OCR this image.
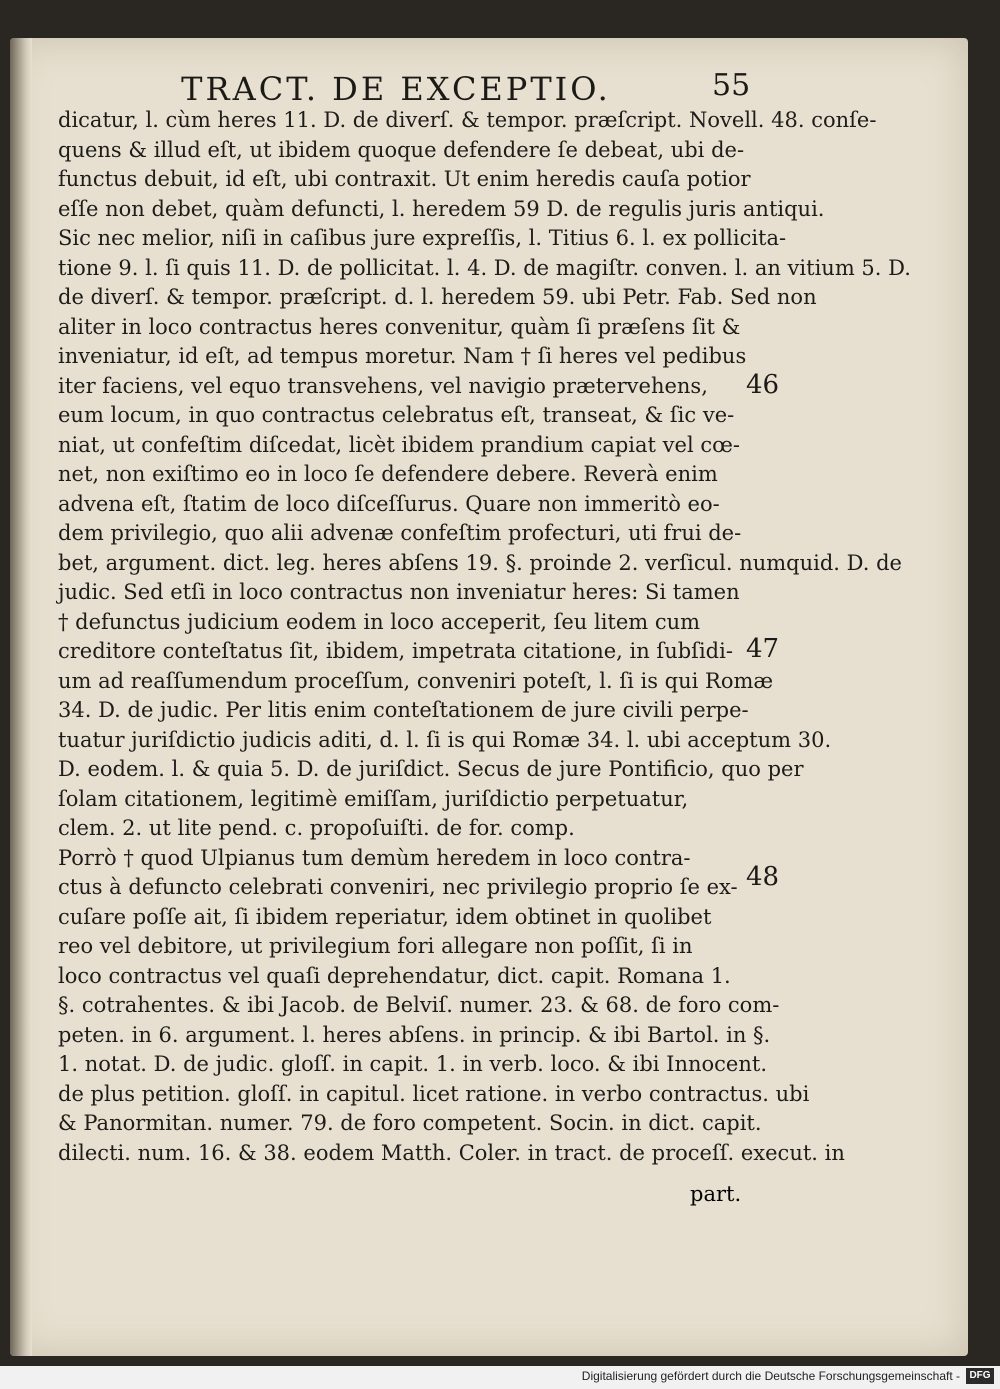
TRACT. DE EXCEPTIO.	55
dicatur, l. cùm heres 11. D. de diverſ. & tempor. præſcript. Novell. 48. conſe-
quens & illud eſt, ut ibidem quoque defendere ſe debeat, ubi de-
functus debuit, id eſt, ubi contraxit. Ut enim heredis cauſa potior
eſſe non debet, quàm defuncti, l. heredem 59 D. de regulis juris antiqui.
Sic nec melior, niſi in caſibus jure expreſſis, l. Titius 6. l. ex pollicita-
tione 9. l. ſi quis 11. D. de pollicitat. l. 4. D. de magiſtr. conven. l. an vitium 5. D.
de diverſ. & tempor. præſcript. d. l. heredem 59. ubi Petr. Fab. Sed non
aliter in loco contractus heres convenitur, quàm ſi præſens ſit &
inveniatur, id eſt, ad tempus moretur. Nam † ſi heres vel pedibus
iter faciens, vel equo transvehens, vel navigio prætervehens,
eum locum, in quo contractus celebratus eſt, transeat, & ſic ve-
niat, ut confeſtim diſcedat, licèt ibidem prandium capiat vel cœ-
net, non exiſtimo eo in loco ſe defendere debere. Reverà enim
advena eſt, ſtatim de loco diſceſſurus. Quare non immeritò eo-
dem privilegio, quo alii advenæ confeſtim profecturi, uti frui de-
bet, argument. dict. leg. heres abſens 19. §. proinde 2. verſicul. numquid. D. de
judic. Sed etſi in loco contractus non inveniatur heres: Si tamen
† defunctus judicium eodem in loco acceperit, ſeu litem cum
creditore conteſtatus ſit, ibidem, impetrata citatione, in ſubſidi-
um ad reaſſumendum proceſſum, conveniri poteſt, l. ſi is qui Romæ
34. D. de judic. Per litis enim conteſtationem de jure civili perpe-
tuatur juriſdictio judicis aditi, d. l. ſi is qui Romæ 34. l. ubi acceptum 30.
D. eodem. l. & quia 5. D. de juriſdict. Secus de jure Pontificio, quo per
ſolam citationem, legitimè emiſſam, juriſdictio perpetuatur,
clem. 2. ut lite pend. c. propoſuiſti. de for. comp.
Porrò † quod Ulpianus tum demùm heredem in loco contra-
ctus à defuncto celebrati conveniri, nec privilegio proprio ſe ex-
cuſare poſſe ait, ſi ibidem reperiatur, idem obtinet in quolibet
reo vel debitore, ut privilegium fori allegare non poſſit, ſi in
loco contractus vel quaſi deprehendatur, dict. capit. Romana 1.
§. cotrahentes. & ibi Jacob. de Belviſ. numer. 23. & 68. de foro com-
peten. in 6. argument. l. heres abſens. in princip. & ibi Bartol. in §.
1. notat. D. de judic. gloſſ. in capit. 1. in verb. loco. & ibi Innocent.
de plus petition. gloſſ. in capitul. licet ratione. in verbo contractus. ubi
& Panormitan. numer. 79. de foro competent. Socin. in dict. capit.
dilecti. num. 16. & 38. eodem Matth. Coler. in tract. de proceſſ. execut. in
part.
46
47
48
Digitalisierung gefördert durch die Deutsche Forschungsgemeinschaft - DFG
